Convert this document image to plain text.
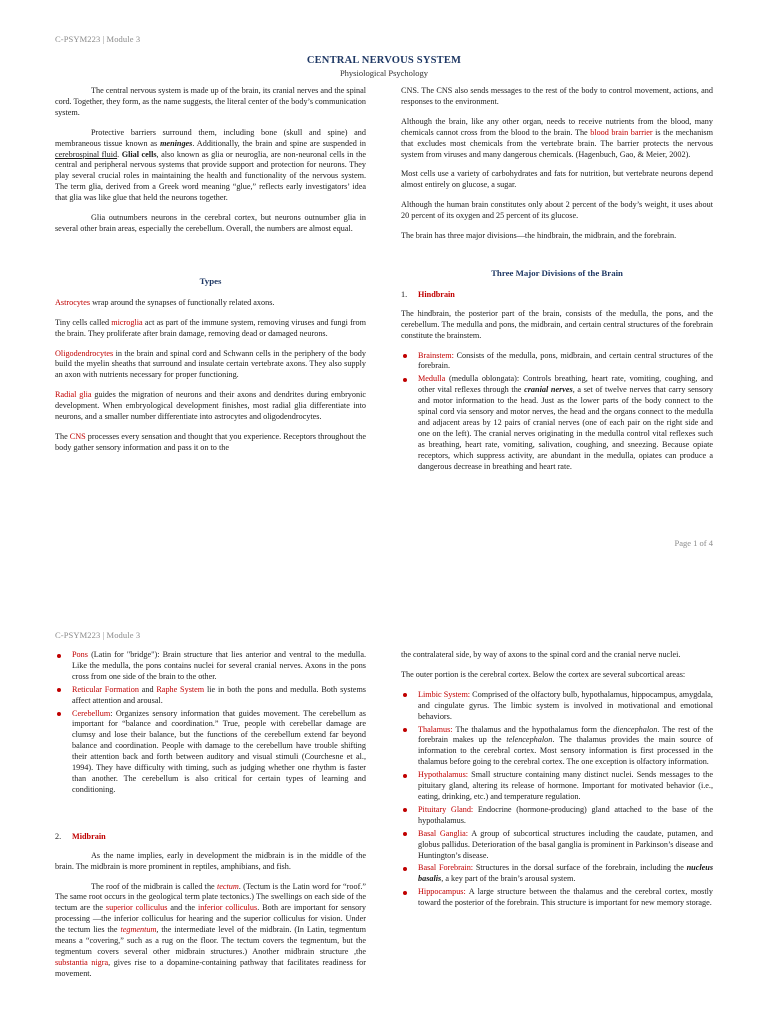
C-PSYM223 | Module 3
CENTRAL NERVOUS SYSTEM
Physiological Psychology

The central nervous system is made up of the brain, its cranial nerves and the spinal cord. Together, they form, as the name suggests, the literal center of the body’s communication system.

Protective barriers surround them, including bone (skull and spine) and membraneous tissue known as meninges. Additionally, the brain and spine are suspended in cerebrospinal fluid. Glial cells, also known as glia or neuroglia, are non-neuronal cells in the central and peripheral nervous systems that provide support and protection for neurons. They play several crucial roles in maintaining the health and functionality of the nervous system. The term glia, derived from a Greek word meaning “glue,” reflects early investigators’ idea that glia was like glue that held the neurons together.

Glia outnumbers neurons in the cerebral cortex, but neurons outnumber glia in several other brain areas, especially the cerebellum. Overall, the numbers are almost equal.

Types

Astrocytes wrap around the synapses of functionally related axons.

Tiny cells called microglia act as part of the immune system, removing viruses and fungi from the brain. They proliferate after brain damage, removing dead or damaged neurons.

Oligodendrocytes in the brain and spinal cord and Schwann cells in the periphery of the body build the myelin sheaths that surround and insulate certain vertebrate axons. They also supply an axon with nutrients necessary for proper functioning.

Radial glia guides the migration of neurons and their axons and dendrites during embryonic development. When embryological development finishes, most radial glia differentiate into neurons, and a smaller number differentiate into astrocytes and oligodendrocytes.

The CNS processes every sensation and thought that you experience. Receptors throughout the body gather sensory information and pass it on to the

CNS. The CNS also sends messages to the rest of the body to control movement, actions, and responses to the environment.

Although the brain, like any other organ, needs to receive nutrients from the blood, many chemicals cannot cross from the blood to the brain. The blood brain barrier is the mechanism that excludes most chemicals from the vertebrate brain. The barrier protects the nervous system from viruses and many dangerous chemicals. (Hagenbuch, Gao, & Meier, 2002).

Most cells use a variety of carbohydrates and fats for nutrition, but vertebrate neurons depend almost entirely on glucose, a sugar.

Although the human brain constitutes only about 2 percent of the body’s weight, it uses about 20 percent of its oxygen and 25 percent of its glucose.

The brain has three major divisions—the hindbrain, the midbrain, and the forebrain.

Three Major Divisions of the Brain
1. Hindbrain

The hindbrain, the posterior part of the brain, consists of the medulla, the pons, and the cerebellum. The medulla and pons, the midbrain, and certain central structures of the forebrain constitute the brainstem.

Brainstem: Consists of the medulla, pons, midbrain, and certain central structures of the forebrain.
Medulla (medulla oblongata): Controls breathing, heart rate, vomiting, coughing, and other vital reflexes through the cranial nerves, a set of twelve nerves that carry sensory and motor information to the head. Just as the lower parts of the body connect to the spinal cord via sensory and motor nerves, the head and the organs connect to the medulla and adjacent areas by 12 pairs of cranial nerves (one of each pair on the right side and one on the left). The cranial nerves originating in the medulla control vital reflexes such as breathing, heart rate, vomiting, salivation, coughing, and sneezing. Because opiate receptors, which suppress activity, are abundant in the medulla, opiates can produce a dangerous decrease in breathing and heart rate.
Page 1 of 4
C-PSYM223 | Module 3
Pons (Latin for "bridge"): Brain structure that lies anterior and ventral to the medulla. Like the medulla, the pons contains nuclei for several cranial nerves. Axons in the pons cross from one side of the brain to the other.
Reticular Formation and Raphe System lie in both the pons and medulla. Both systems affect attention and arousal.
Cerebellum: Organizes sensory information that guides movement. The cerebellum as important for “balance and coordination.” True, people with cerebellar damage are clumsy and lose their balance, but the functions of the cerebellum extend far beyond balance and coordination. People with damage to the cerebellum have trouble shifting their attention back and forth between auditory and visual stimuli (Courchesne et al., 1994). They have difficulty with timing, such as judging whether one rhythm is faster than another. The cerebellum is also critical for certain types of learning and conditioning.
2. Midbrain

As the name implies, early in development the midbrain is in the middle of the brain. The midbrain is more prominent in reptiles, amphibians, and fish.

The roof of the midbrain is called the tectum. (Tectum is the Latin word for “roof.” The same root occurs in the geological term plate tectonics.) The swellings on each side of the tectum are the superior colliculus and the inferior colliculus. Both are important for sensory processing —the inferior colliculus for hearing and the superior colliculus for vision. Under the tectum lies the tegmentum, the intermediate level of the midbrain. (In Latin, tegmentum means a “covering,” such as a rug on the floor. The tectum covers the tegmentum, but the tegmentum covers several other midbrain structures.) Another midbrain structure ,the substantia nigra, gives rise to a dopamine-containing pathway that facilitates readiness for movement.

the contralateral side, by way of axons to the spinal cord and the cranial nerve nuclei.

The outer portion is the cerebral cortex. Below the cortex are several subcortical areas:

Limbic System: Comprised of the olfactory bulb, hypothalamus, hippocampus, amygdala, and cingulate gyrus. The limbic system is involved in motivational and emotional behaviors.
Thalamus: The thalamus and the hypothalamus form the diencephalon. The rest of the forebrain makes up the telencephalon. The thalamus provides the main source of information to the cerebral cortex. Most sensory information is first processed in the thalamus before going to the cerebral cortex. The one exception is olfactory information.
Hypothalamus: Small structure containing many distinct nuclei. Sends messages to the pituitary gland, altering its release of hormone. Important for motivated behavior (i.e., eating, drinking, etc.) and temperature regulation.
Pituitary Gland: Endocrine (hormone-producing) gland attached to the base of the hypothalamus.
Basal Ganglia: A group of subcortical structures including the caudate, putamen, and globus pallidus. Deterioration of the basal ganglia is prominent in Parkinson’s disease and Huntington’s disease.
Basal Forebrain: Structures in the dorsal surface of the forebrain, including the nucleus basalis, a key part of the brain’s arousal system.
Hippocampus: A large structure between the thalamus and the cerebral cortex, mostly toward the posterior of the forebrain. This structure is important for new memory storage.
